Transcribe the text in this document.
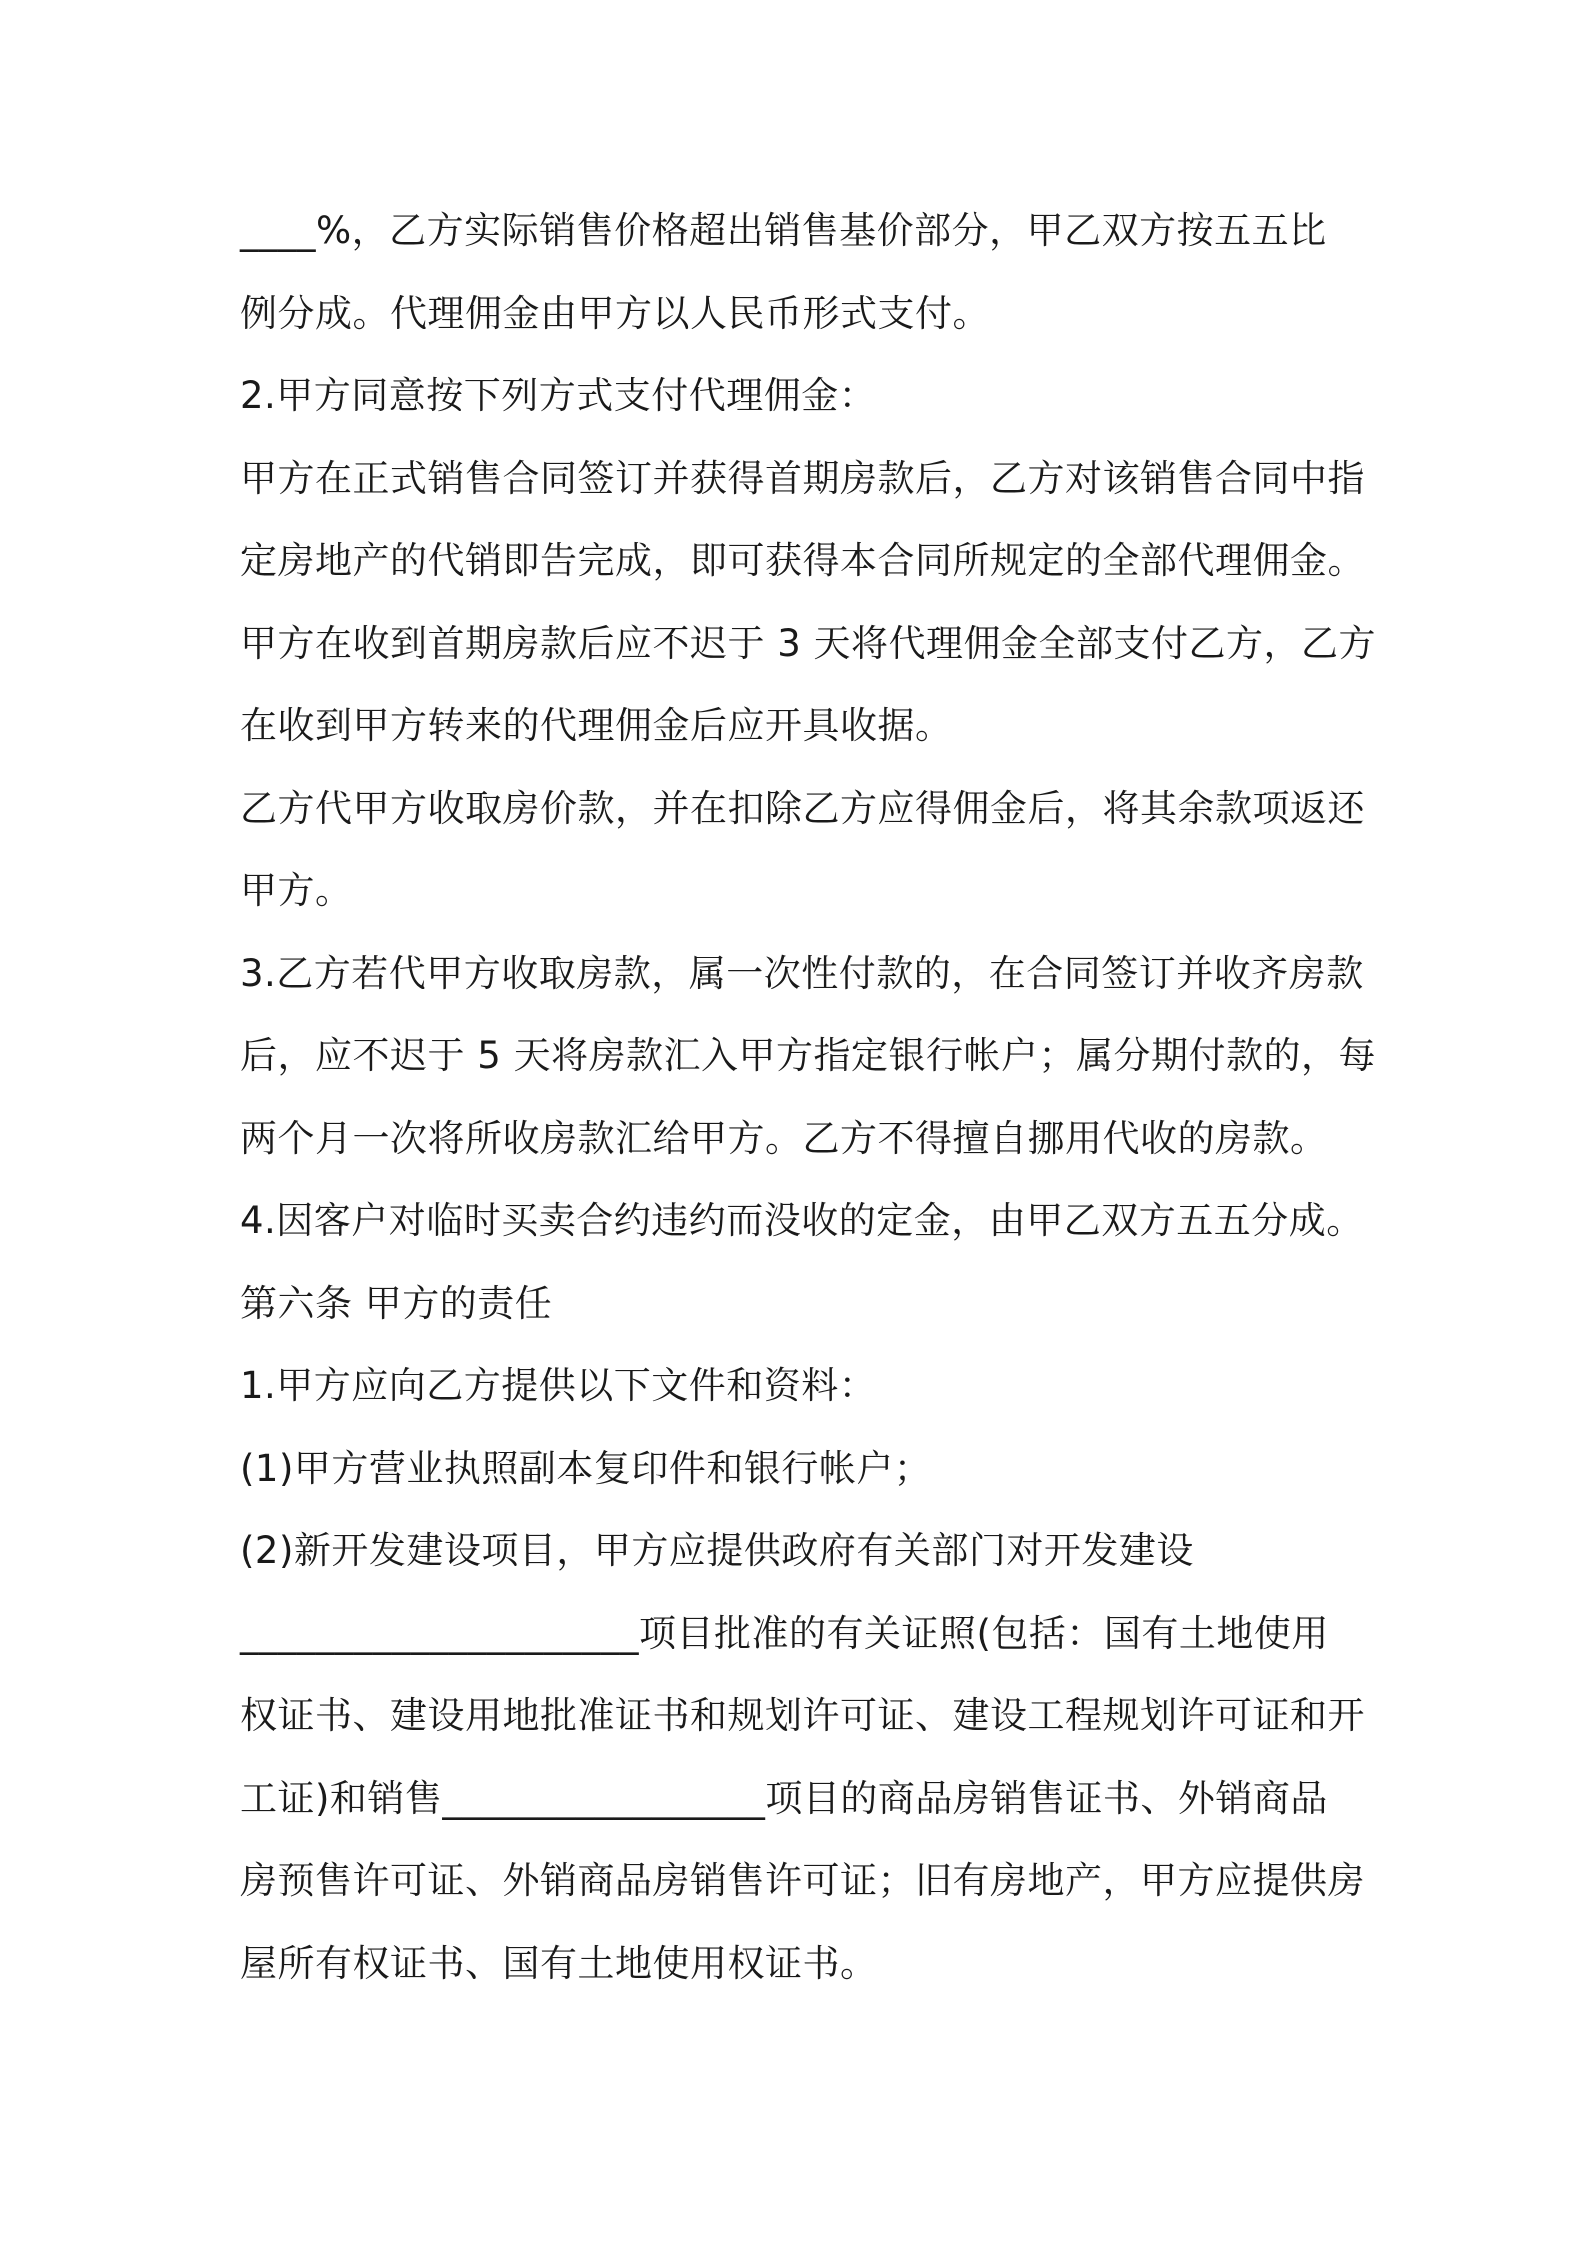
____%，乙方实际销售价格超出销售基价部分，甲乙双方按五五比
例分成。代理佣金由甲方以人民币形式支付。
2.甲方同意按下列方式支付代理佣金：
甲方在正式销售合同签订并获得首期房款后，乙方对该销售合同中指
定房地产的代销即告完成，即可获得本合同所规定的全部代理佣金。
甲方在收到首期房款后应不迟于 3 天将代理佣金全部支付乙方，乙方
在收到甲方转来的代理佣金后应开具收据。
乙方代甲方收取房价款，并在扣除乙方应得佣金后，将其余款项返还
甲方。
3.乙方若代甲方收取房款，属一次性付款的，在合同签订并收齐房款
后，应不迟于 5 天将房款汇入甲方指定银行帐户；属分期付款的，每
两个月一次将所收房款汇给甲方。乙方不得擅自挪用代收的房款。
4.因客户对临时买卖合约违约而没收的定金，由甲乙双方五五分成。
第六条 甲方的责任
1.甲方应向乙方提供以下文件和资料：
(1)甲方营业执照副本复印件和银行帐户；
(2)新开发建设项目，甲方应提供政府有关部门对开发建设
_____________________项目批准的有关证照(包括：国有土地使用
权证书、建设用地批准证书和规划许可证、建设工程规划许可证和开
工证)和销售_________________项目的商品房销售证书、外销商品
房预售许可证、外销商品房销售许可证；旧有房地产，甲方应提供房
屋所有权证书、国有土地使用权证书。
